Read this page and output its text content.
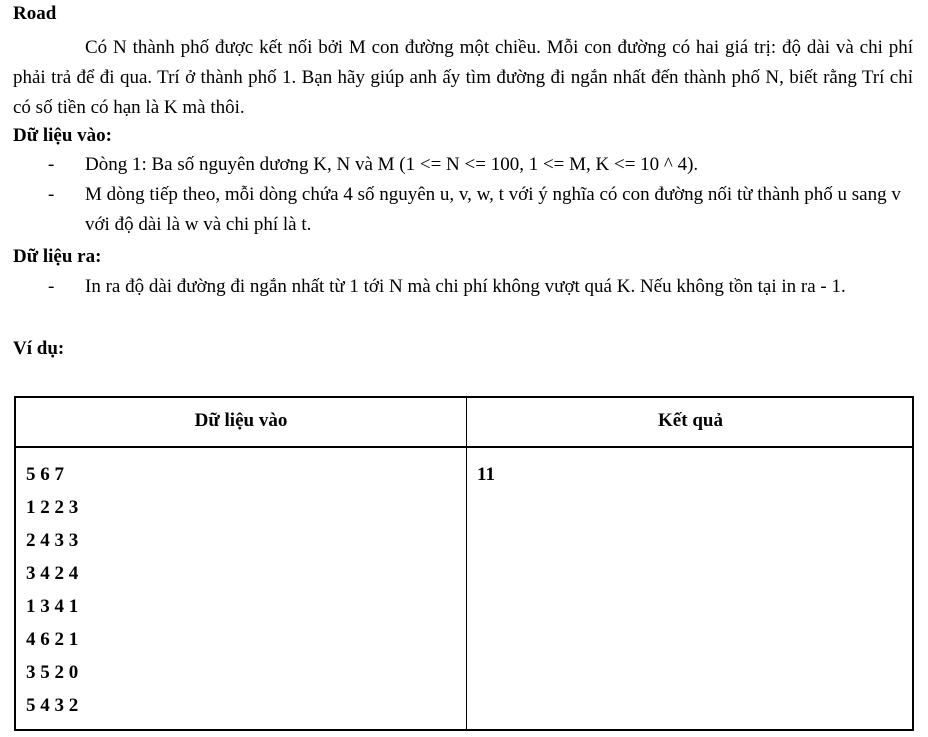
Road

Có N thành phố được kết nối bởi M con đường một chiều. Mỗi con đường có hai giá trị: độ dài và chi phí phải trả để đi qua. Trí ở thành phố 1. Bạn hãy giúp anh ấy tìm đường đi ngắn nhất đến thành phố N, biết rằng Trí chỉ có số tiền có hạn là K mà thôi.

Dữ liệu vào:
- Dòng 1: Ba số nguyên dương K, N và M (1 <= N <= 100, 1 <= M, K <= 10 ^ 4).
- M dòng tiếp theo, mỗi dòng chứa 4 số nguyên u, v, w, t với ý nghĩa có con đường nối từ thành phố u sang v với độ dài là w và chi phí là t.
Dữ liệu ra:
- In ra độ dài đường đi ngắn nhất từ 1 tới N mà chi phí không vượt quá K. Nếu không tồn tại in ra - 1.
Ví dụ:
Dữ liệu vào	Kết quả
5 6 7
1 2 2 3
2 4 3 3
3 4 2 4
1 3 4 1
4 6 2 1
3 5 2 0
5 4 3 2
11
